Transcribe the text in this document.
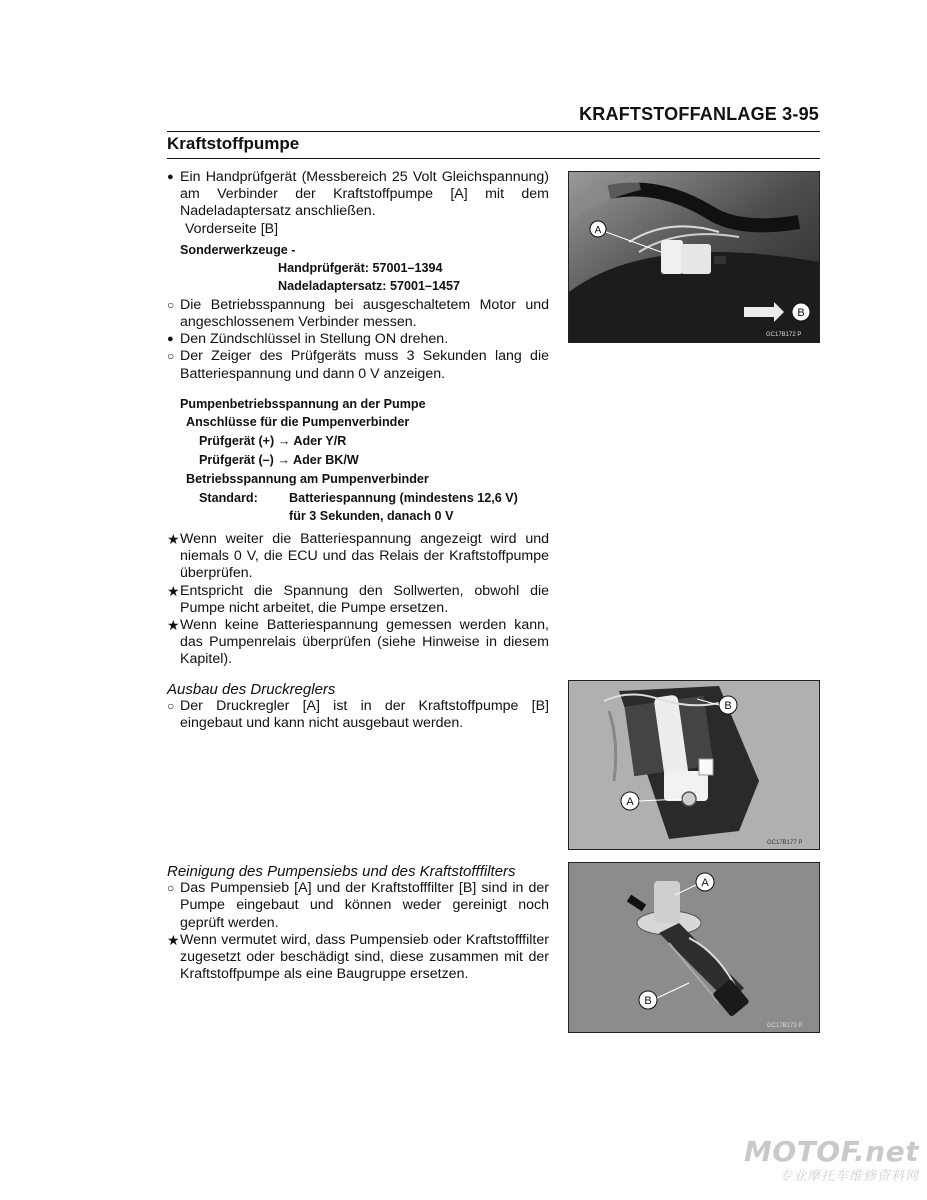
KRAFTSTOFFANLAGE 3-95
Kraftstoffpumpe
● Ein Handprüfgerät (Messbereich 25 Volt Gleichspannung) am Verbinder der Kraftstoffpumpe [A] mit dem Nadeladaptersatz anschließen.
Vorderseite [B]
Sonderwerkzeuge -
Handprüfgerät: 57001–1394
Nadeladaptersatz: 57001–1457
○ Die Betriebsspannung bei ausgeschaltetem Motor und angeschlossenem Verbinder messen.
● Den Zündschlüssel in Stellung ON drehen.
○ Der Zeiger des Prüfgeräts muss 3 Sekunden lang die Batteriespannung und dann 0 V anzeigen.
Pumpenbetriebsspannung an der Pumpe
Anschlüsse für die Pumpenverbinder
Prüfgerät (+) → Ader Y/R
Prüfgerät (–) → Ader BK/W
Betriebsspannung am Pumpenverbinder
Standard:	Batteriespannung (mindestens 12,6 V)
für 3 Sekunden, danach 0 V
★ Wenn weiter die Batteriespannung angezeigt wird und niemals 0 V, die ECU und das Relais der Kraftstoffpumpe überprüfen.
★ Entspricht die Spannung den Sollwerten, obwohl die Pumpe nicht arbeitet, die Pumpe ersetzen.
★ Wenn keine Batteriespannung gemessen werden kann, das Pumpenrelais überprüfen (siehe Hinweise in diesem Kapitel).
Ausbau des Druckreglers
○ Der Druckregler [A] ist in der Kraftstoffpumpe [B] eingebaut und kann nicht ausgebaut werden.
Reinigung des Pumpensiebs und des Kraftstofffilters
○ Das Pumpensieb [A] und der Kraftstofffilter [B] sind in der Pumpe eingebaut und können weder gereinigt noch geprüft werden.
★ Wenn vermutet wird, dass Pumpensieb oder Kraftstofffilter zugesetzt oder beschädigt sind, diese zusammen mit der Kraftstoffpumpe als eine Baugruppe ersetzen.
A
B
GC17B172 P
B
A
GC17B177 P
A
B
GC17B173 P
MOTOF.net
专业摩托车维修资料网
